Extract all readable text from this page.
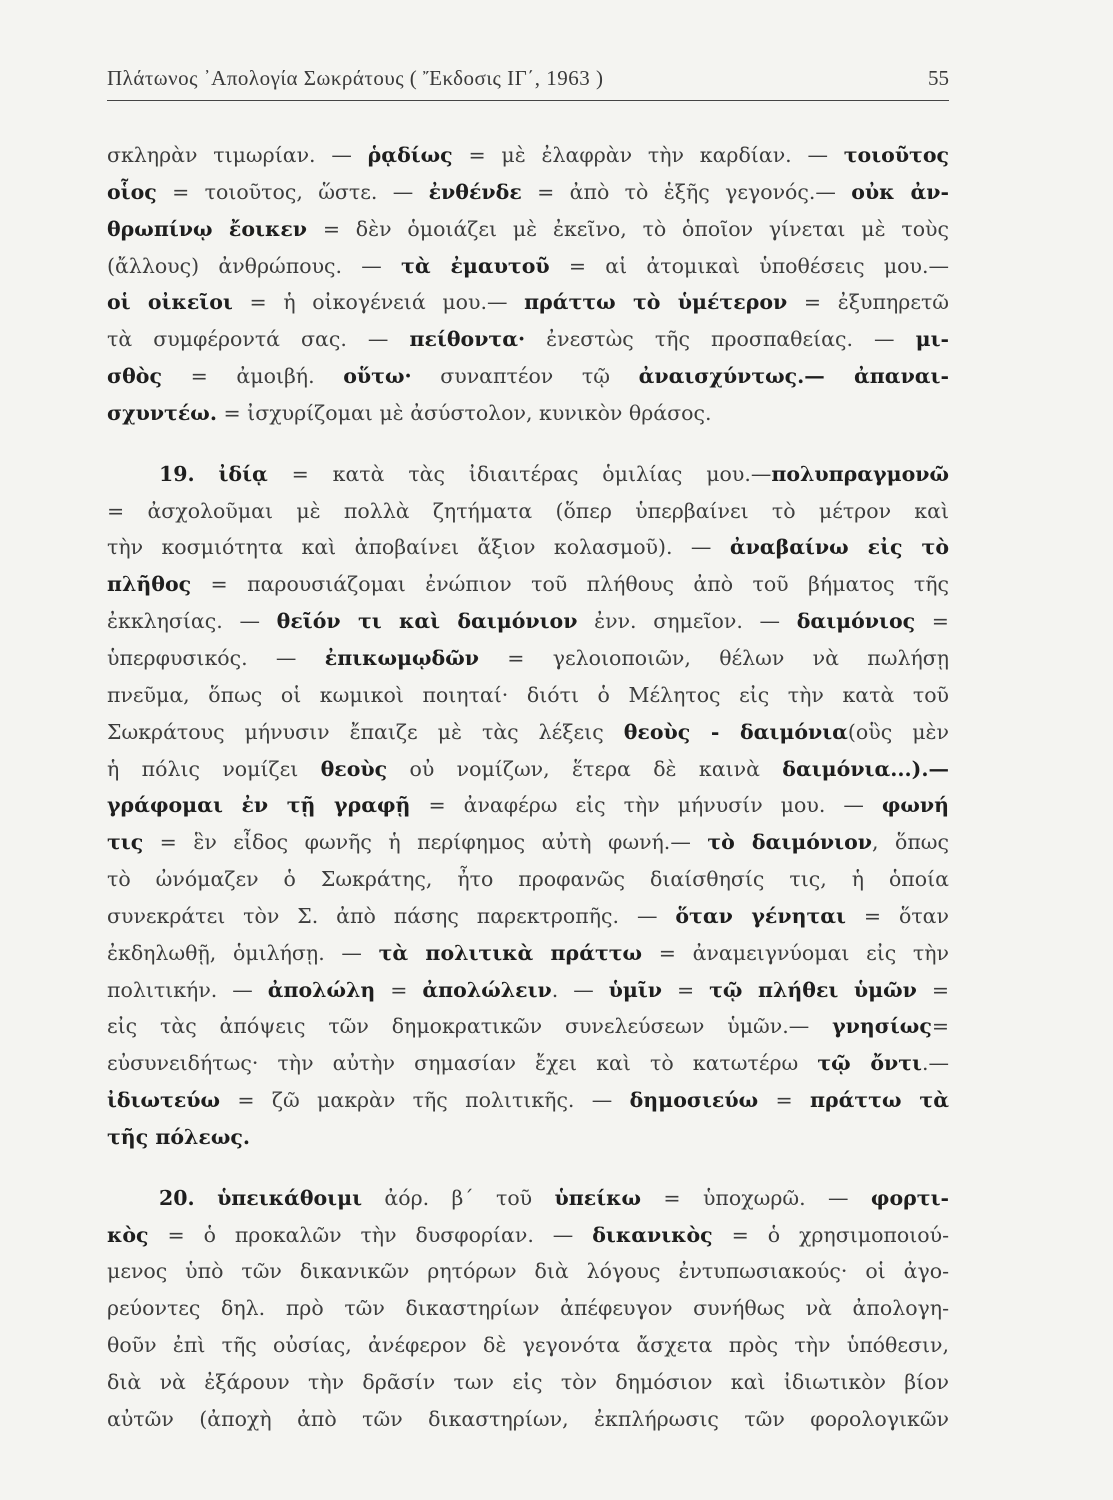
Πλάτωνος ᾿Απολογία Σωκράτους ( Ἔκδοσις ΙΓ΄, 1963 )	55
σκληρὰν τιμωρίαν. — ῥᾳδίως = μὲ ἐλαφρὰν τὴν καρδίαν. — τοιοῦτος
οἷος = τοιοῦτος, ὥστε. — ἐνθένδε = ἀπὸ τὸ ἑξῆς γεγονός.— οὐκ ἀν-
θρωπίνῳ ἔοικεν = δὲν ὁμοιάζει μὲ ἐκεῖνο, τὸ ὁποῖον γίνεται μὲ τοὺς
(ἄλλους) ἀνθρώπους. — τὰ ἐμαυτοῦ = αἱ ἀτομικαὶ ὑποθέσεις μου.—
οἱ οἰκεῖοι = ἡ οἰκογένειά μου.— πράττω τὸ ὑμέτερον = ἐξυπηρετῶ
τὰ συμφέροντά σας. — πείθοντα· ἐνεστὼς τῆς προσπαθείας. — μι-
σθὸς = ἀμοιβή. οὕτω· συναπτέον τῷ ἀναισχύντως.— ἀπαναι-
σχυντέω. = ἰσχυρίζομαι μὲ ἀσύστολον, κυνικὸν θράσος.
19. ἰδίᾳ = κατὰ τὰς ἰδιαιτέρας ὁμιλίας μου.—πολυπραγμονῶ
= ἀσχολοῦμαι μὲ πολλὰ ζητήματα (ὅπερ ὑπερβαίνει τὸ μέτρον καὶ
τὴν κοσμιότητα καὶ ἀποβαίνει ἄξιον κολασμοῦ). — ἀναβαίνω εἰς τὸ
πλῆθος = παρουσιάζομαι ἐνώπιον τοῦ πλήθους ἀπὸ τοῦ βήματος τῆς
ἐκκλησίας. — θεῖόν τι καὶ δαιμόνιον ἐνν. σημεῖον. — δαιμόνιος =
ὑπερφυσικός. — ἐπικωμῳδῶν = γελοιοποιῶν, θέλων νὰ πωλήσῃ
πνεῦμα, ὅπως οἱ κωμικοὶ ποιηταί· διότι ὁ Μέλητος εἰς τὴν κατὰ τοῦ
Σωκράτους μήνυσιν ἔπαιζε μὲ τὰς λέξεις θεοὺς - δαιμόνια(οὓς μὲν
ἡ πόλις νομίζει θεοὺς οὐ νομίζων, ἕτερα δὲ καινὰ δαιμόνια...).—
γράφομαι ἐν τῇ γραφῇ = ἀναφέρω εἰς τὴν μήνυσίν μου. — φωνή
τις = ἓν εἶδος φωνῆς ἡ περίφημος αὐτὴ φωνή.— τὸ δαιμόνιον, ὅπως
τὸ ὠνόμαζεν ὁ Σωκράτης, ἦτο προφανῶς διαίσθησίς τις, ἡ ὁποία
συνεκράτει τὸν Σ. ἀπὸ πάσης παρεκτροπῆς. — ὅταν γένηται = ὅταν
ἐκδηλωθῇ, ὁμιλήσῃ. — τὰ πολιτικὰ πράττω = ἀναμειγνύομαι εἰς τὴν
πολιτικήν. — ἀπολώλη = ἀπολώλειν. — ὑμῖν = τῷ πλήθει ὑμῶν =
εἰς τὰς ἀπόψεις τῶν δημοκρατικῶν συνελεύσεων ὑμῶν.— γνησίως=
εὐσυνειδήτως· τὴν αὐτὴν σημασίαν ἔχει καὶ τὸ κατωτέρω τῷ ὄντι.—
ἰδιωτεύω = ζῶ μακρὰν τῆς πολιτικῆς. — δημοσιεύω = πράττω τὰ
τῆς πόλεως.
20. ὑπεικάθοιμι ἀόρ. β΄ τοῦ ὑπείκω = ὑποχωρῶ. — φορτι-
κὸς = ὁ προκαλῶν τὴν δυσφορίαν. — δικανικὸς = ὁ χρησιμοποιού-
μενος ὑπὸ τῶν δικανικῶν ρητόρων διὰ λόγους ἐντυπωσιακούς· οἱ ἀγο-
ρεύοντες δηλ. πρὸ τῶν δικαστηρίων ἀπέφευγον συνήθως νὰ ἀπολογη-
θοῦν ἐπὶ τῆς οὐσίας, ἀνέφερον δὲ γεγονότα ἄσχετα πρὸς τὴν ὑπόθεσιν,
διὰ νὰ ἐξάρουν τὴν δρᾶσίν των εἰς τὸν δημόσιον καὶ ἰδιωτικὸν βίον
αὐτῶν (ἀποχὴ ἀπὸ τῶν δικαστηρίων, ἐκπλήρωσις τῶν φορολογικῶν
